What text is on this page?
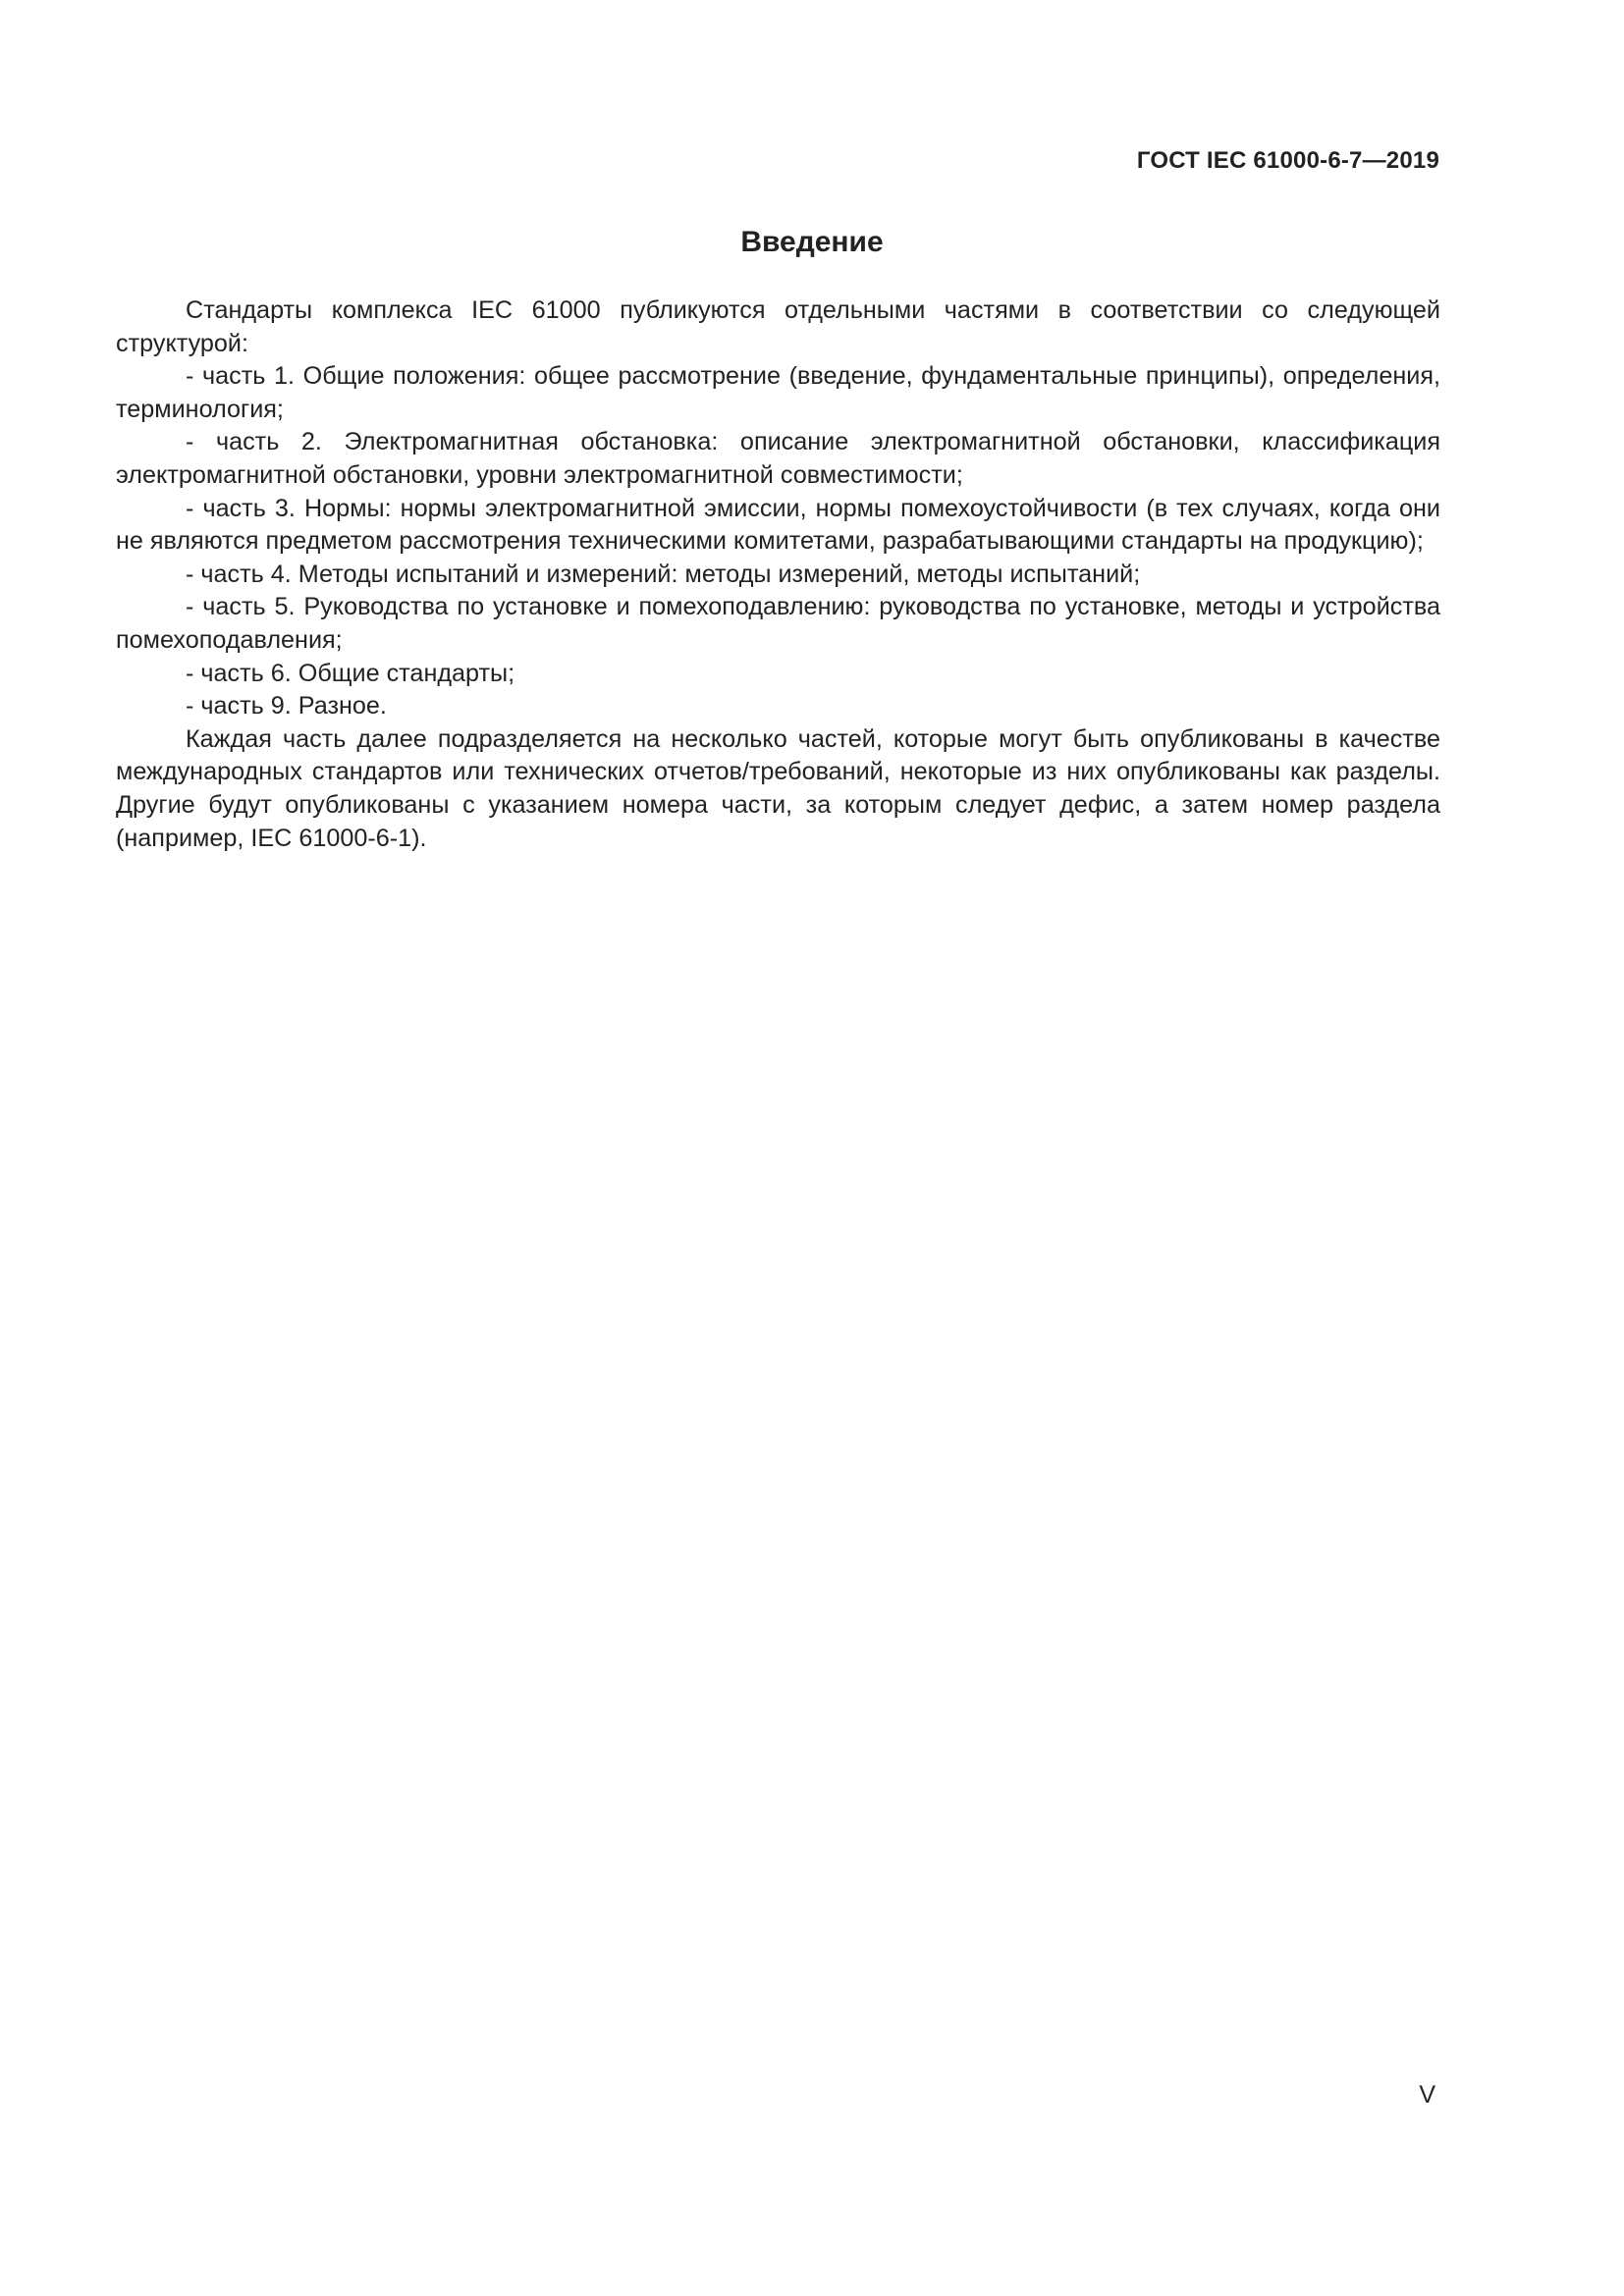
ГОСТ IEC 61000-6-7—2019
Введение

Стандарты комплекса IEC 61000 публикуются отдельными частями в соответствии со следующей структурой:

- часть 1. Общие положения: общее рассмотрение (введение, фундаментальные принципы), определения, терминология;

- часть 2. Электромагнитная обстановка: описание электромагнитной обстановки, классификация электромагнитной обстановки, уровни электромагнитной совместимости;

- часть 3. Нормы: нормы электромагнитной эмиссии, нормы помехоустойчивости (в тех случаях, когда они не являются предметом рассмотрения техническими комитетами, разрабатывающими стандарты на продукцию);

- часть 4. Методы испытаний и измерений: методы измерений, методы испытаний;

- часть 5. Руководства по установке и помехоподавлению: руководства по установке, методы и устройства помехоподавления;

- часть 6. Общие стандарты;

- часть 9. Разное.

Каждая часть далее подразделяется на несколько частей, которые могут быть опубликованы в качестве международных стандартов или технических отчетов/требований, некоторые из них опубликованы как разделы. Другие будут опубликованы с указанием номера части, за которым следует дефис, а затем номер раздела (например, IEC 61000-6-1).

V
